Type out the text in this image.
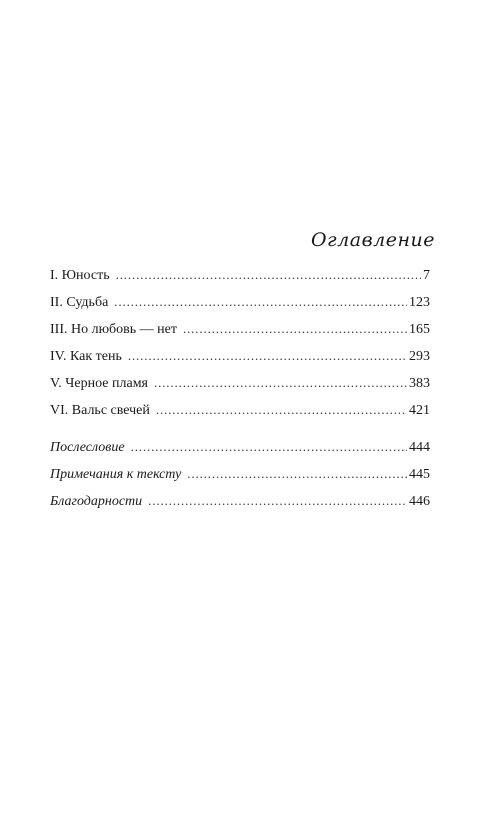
Оглавление
I. Юность . . .	7
II. Судьба . . .	123
III. Но любовь — нет . . .	165
IV. Как тень . . .	293
V. Черное пламя . . .	383
VI. Вальс свечей . . .	421
Послесловие . . .	444
Примечания к тексту . . .	445
Благодарности . . .	446
